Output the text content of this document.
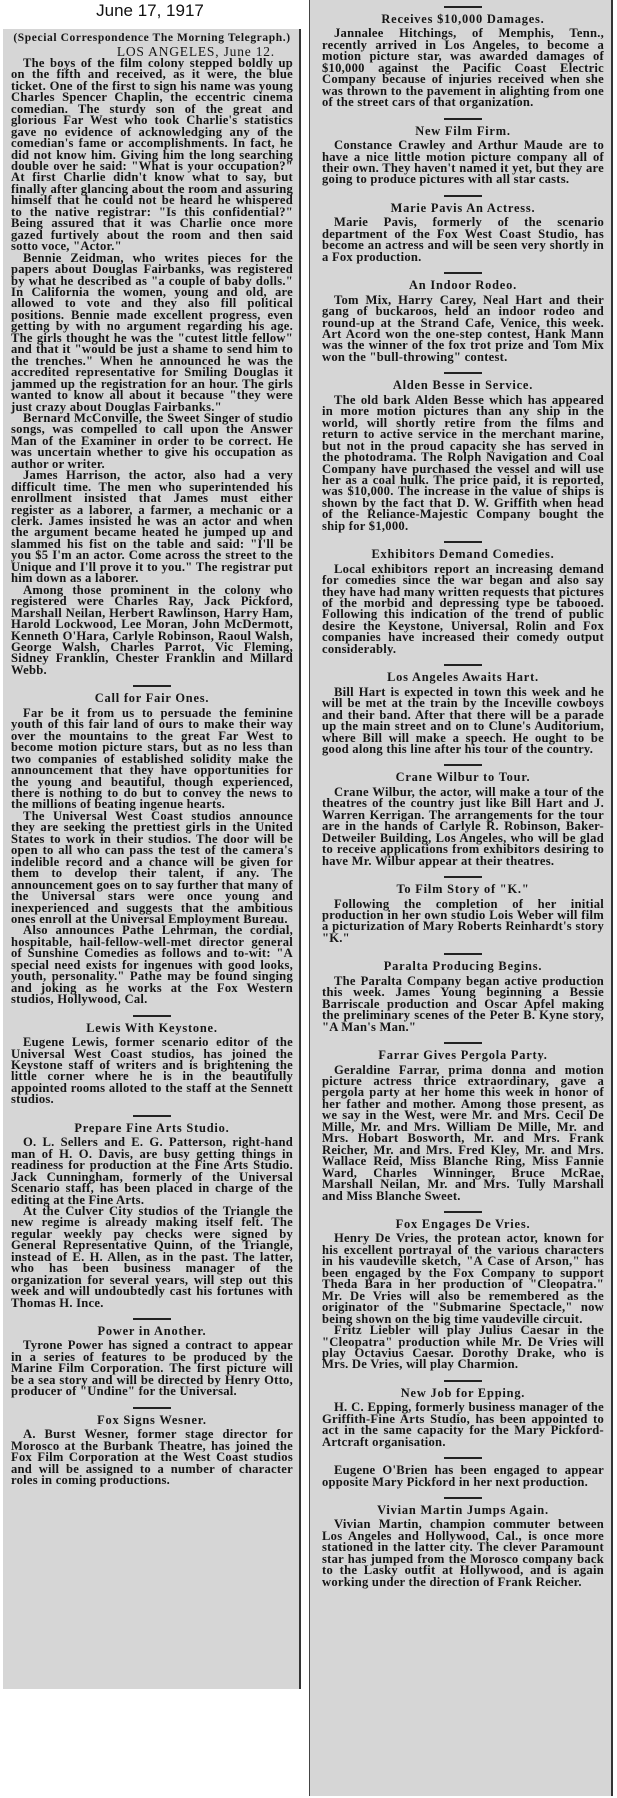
June 17, 1917
(Special Correspondence The Morning Telegraph.)
LOS ANGELES, June 12.

The boys of the film colony stepped boldly up on the fifth and received, as it were, the blue ticket. One of the first to sign his name was young Charles Spencer Chaplin, the eccentric cinema comedian. The sturdy son of the great and glorious Far West who took Charlie's statistics gave no evidence of acknowledging any of the comedian's fame or accomplishments. In fact, he did not know him. Giving him the long searching double over he said: "What is your occupation?" At first Charlie didn't know what to say, but finally after glancing about the room and assuring himself that he could not be heard he whispered to the native registrar: "Is this confidential?" Being assured that it was Charlie once more gazed furtively about the room and then said sotto voce, "Actor."

Bennie Zeidman, who writes pieces for the papers about Douglas Fairbanks, was registered by what he described as "a couple of baby dolls." In California the women, young and old, are allowed to vote and they also fill political positions. Bennie made excellent progress, even getting by with no argument regarding his age. The girls thought he was the "cutest little fellow" and that it "would be just a shame to send him to the trenches." When he announced he was the accredited representative for Smiling Douglas it jammed up the registration for an hour. The girls wanted to know all about it because "they were just crazy about Douglas Fairbanks."

Bernard McConville, the Sweet Singer of studio songs, was compelled to call upon the Answer Man of the Examiner in order to be correct. He was uncertain whether to give his occupation as author or writer.

James Harrison, the actor, also had a very difficult time. The men who superintended his enrollment insisted that James must either register as a laborer, a farmer, a mechanic or a clerk. James insisted he was an actor and when the argument became heated he jumped up and slammed his fist on the table and said: "I'll be you $5 I'm an actor. Come across the street to the Unique and I'll prove it to you." The registrar put him down as a laborer.

Among those prominent in the colony who registered were Charles Ray, Jack Pickford, Marshall Neilan, Herbert Rawlinson, Harry Ham, Harold Lockwood, Lee Moran, John McDermott, Kenneth O'Hara, Carlyle Robinson, Raoul Walsh, George Walsh, Charles Parrot, Vic Fleming, Sidney Franklin, Chester Franklin and Millard Webb.

Call for Fair Ones.

Far be it from us to persuade the feminine youth of this fair land of ours to make their way over the mountains to the great Far West to become motion picture stars, but as no less than two companies of established solidity make the announcement that they have opportunities for the young and beautiful, though experienced, there is nothing to do but to convey the news to the millions of beating ingenue hearts.

The Universal West Coast studios announce they are seeking the prettiest girls in the United States to work in their studios. The door will be open to all who can pass the test of the camera's indelible record and a chance will be given for them to develop their talent, if any. The announcement goes on to say further that many of the Universal stars were once young and inexperienced and suggests that the ambitious ones enroll at the Universal Employment Bureau.

Also announces Pathe Lehrman, the cordial, hospitable, hail-fellow-well-met director general of Sunshine Comedies as follows and to-wit: "A special need exists for ingenues with good looks, youth, personality." Pathe may be found singing and joking as he works at the Fox Western studios, Hollywood, Cal.

Lewis With Keystone.

Eugene Lewis, former scenario editor of the Universal West Coast studios, has joined the Keystone staff of writers and is brightening the little corner where he is in the beautifully appointed rooms alloted to the staff at the Sennett studios.

Prepare Fine Arts Studio.

O. L. Sellers and E. G. Patterson, right-hand man of H. O. Davis, are busy getting things in readiness for production at the Fine Arts Studio. Jack Cunningham, formerly of the Universal Scenario staff, has been placed in charge of the editing at the Fine Arts.

At the Culver City studios of the Triangle the new regime is already making itself felt. The regular weekly pay checks were signed by General Representative Quinn, of the Triangle, instead of E. H. Allen, as in the past. The latter, who has been business manager of the organization for several years, will step out this week and will undoubtedly cast his fortunes with Thomas H. Ince.

Power in Another.

Tyrone Power has signed a contract to appear in a series of features to be produced by the Marine Film Corporation. The first picture will be a sea story and will be directed by Henry Otto, producer of "Undine" for the Universal.

Fox Signs Wesner.

A. Burst Wesner, former stage director for Morosco at the Burbank Theatre, has joined the Fox Film Corporation at the West Coast studios and will be assigned to a number of character roles in coming productions.

Receives $10,000 Damages.

Jannalee Hitchings, of Memphis, Tenn., recently arrived in Los Angeles, to become a motion picture star, was awarded damages of $10,000 against the Pacific Coast Electric Company because of injuries received when she was thrown to the pavement in alighting from one of the street cars of that organization.

New Film Firm.

Constance Crawley and Arthur Maude are to have a nice little motion picture company all of their own. They haven't named it yet, but they are going to produce pictures with all star casts.

Marie Pavis An Actress.

Marie Pavis, formerly of the scenario department of the Fox West Coast Studio, has become an actress and will be seen very shortly in a Fox production.

An Indoor Rodeo.

Tom Mix, Harry Carey, Neal Hart and their gang of buckaroos, held an indoor rodeo and round-up at the Strand Cafe, Venice, this week. Art Acord won the one-step contest, Hank Mann was the winner of the fox trot prize and Tom Mix won the "bull-throwing" contest.

Alden Besse in Service.

The old bark Alden Besse which has appeared in more motion pictures than any ship in the world, will shortly retire from the films and return to active service in the merchant marine, but not in the proud capacity she has served in the photodrama. The Rolph Navigation and Coal Company have purchased the vessel and will use her as a coal hulk. The price paid, it is reported, was $10,000. The increase in the value of ships is shown by the fact that D. W. Griffith when head of the Reliance-Majestic Company bought the ship for $1,000.

Exhibitors Demand Comedies.

Local exhibitors report an increasing demand for comedies since the war began and also say they have had many written requests that pictures of the morbid and depressing type be tabooed. Following this indication of the trend of public desire the Keystone, Universal, Rolin and Fox companies have increased their comedy output considerably.

Los Angeles Awaits Hart.

Bill Hart is expected in town this week and he will be met at the train by the Inceville cowboys and their band. After that there will be a parade up the main street and on to Clune's Auditorium, where Bill will make a speech. He ought to be good along this line after his tour of the country.

Crane Wilbur to Tour.

Crane Wilbur, the actor, will make a tour of the theatres of the country just like Bill Hart and J. Warren Kerrigan. The arrangements for the tour are in the hands of Carlyle R. Robinson, Baker-Detweiler Building, Los Angeles, who will be glad to receive applications from exhibitors desiring to have Mr. Wilbur appear at their theatres.

To Film Story of "K."

Following the completion of her initial production in her own studio Lois Weber will film a picturization of Mary Roberts Reinhardt's story "K."

Paralta Producing Begins.

The Paralta Company began active production this week. James Young beginning a Bessie Barriscale production and Oscar Apfel making the preliminary scenes of the Peter B. Kyne story, "A Man's Man."

Farrar Gives Pergola Party.

Geraldine Farrar, prima donna and motion picture actress thrice extraordinary, gave a pergola party at her home this week in honor of her father and mother. Among those present, as we say in the West, were Mr. and Mrs. Cecil De Mille, Mr. and Mrs. William De Mille, Mr. and Mrs. Hobart Bosworth, Mr. and Mrs. Frank Reicher, Mr. and Mrs. Fred Kley, Mr. and Mrs. Wallace Reid, Miss Blanche Ring, Miss Fannie Ward, Charles Winninger, Bruce McRae, Marshall Neilan, Mr. and Mrs. Tully Marshall and Miss Blanche Sweet.

Fox Engages De Vries.

Henry De Vries, the protean actor, known for his excellent portrayal of the various characters in his vaudeville sketch, "A Case of Arson," has been engaged by the Fox Company to support Theda Bara in her production of "Cleopatra." Mr. De Vries will also be remembered as the originator of the "Submarine Spectacle," now being shown on the big time vaudeville circuit.

Fritz Liebler will play Julius Caesar in the "Cleopatra" production while Mr. De Vries will play Octavius Caesar. Dorothy Drake, who is Mrs. De Vries, will play Charmion.

New Job for Epping.

H. C. Epping, formerly business manager of the Griffith-Fine Arts Studio, has been appointed to act in the same capacity for the Mary Pickford-Artcraft organisation.

Eugene O'Brien has been engaged to appear opposite Mary Pickford in her next production.

Vivian Martin Jumps Again.

Vivian Martin, champion commuter between Los Angeles and Hollywood, Cal., is once more stationed in the latter city. The clever Paramount star has jumped from the Morosco company back to the Lasky outfit at Hollywood, and is again working under the direction of Frank Reicher.
